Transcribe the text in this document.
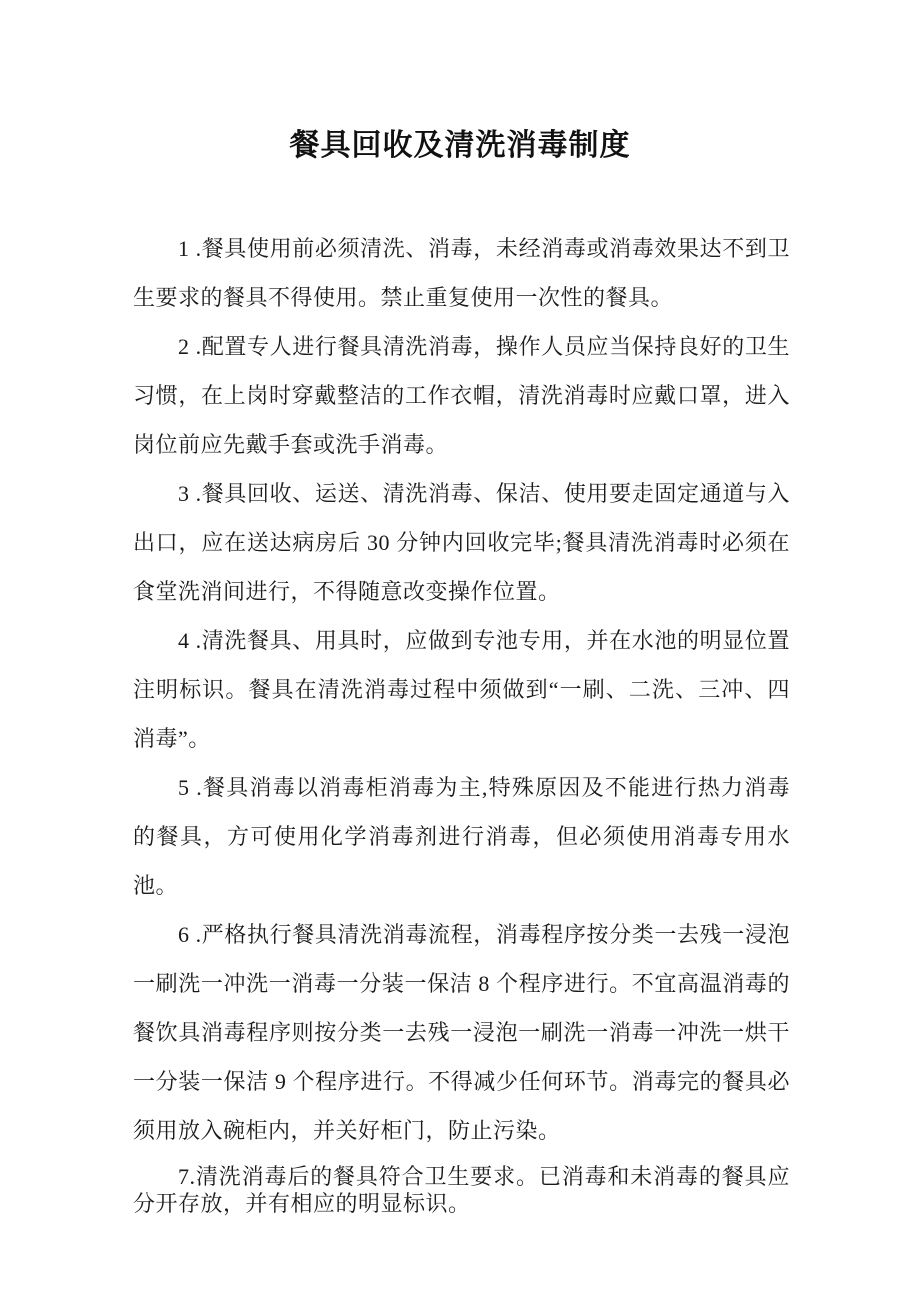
餐具回收及清洗消毒制度

1 .餐具使用前必须清洗、消毒，未经消毒或消毒效果达不到卫生要求的餐具不得使用。禁止重复使用一次性的餐具。

2 .配置专人进行餐具清洗消毒，操作人员应当保持良好的卫生习惯，在上岗时穿戴整洁的工作衣帽，清洗消毒时应戴口罩，进入岗位前应先戴手套或洗手消毒。

3 .餐具回收、运送、清洗消毒、保洁、使用要走固定通道与入出口，应在送达病房后 30 分钟内回收完毕;餐具清洗消毒时必须在食堂洗消间进行，不得随意改变操作位置。

4 .清洗餐具、用具时，应做到专池专用，并在水池的明显位置注明标识。餐具在清洗消毒过程中须做到“一刷、二洗、三冲、四消毒”。

5 .餐具消毒以消毒柜消毒为主,特殊原因及不能进行热力消毒的餐具，方可使用化学消毒剂进行消毒，但必须使用消毒专用水池。

6 .严格执行餐具清洗消毒流程，消毒程序按分类一去残一浸泡一刷洗一冲洗一消毒一分装一保洁 8 个程序进行。不宜高温消毒的餐饮具消毒程序则按分类一去残一浸泡一刷洗一消毒一冲洗一烘干一分装一保洁 9 个程序进行。不得减少任何环节。消毒完的餐具必须用放入碗柜内，并关好柜门，防止污染。

7.清洗消毒后的餐具符合卫生要求。已消毒和未消毒的餐具应分开存放，并有相应的明显标识。
